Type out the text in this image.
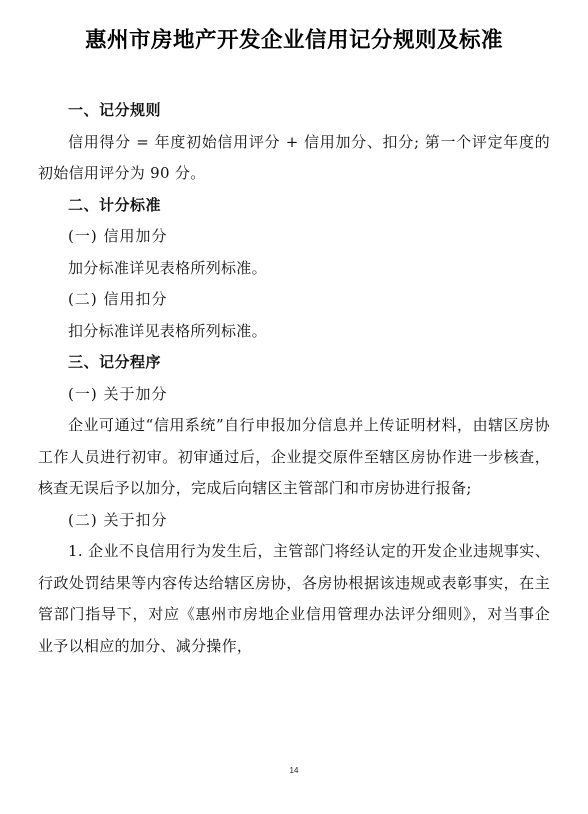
惠州市房地产开发企业信用记分规则及标准

一、记分规则

信用得分 = 年度初始信用评分 + 信用加分、扣分; 第一个评定年度的初始信用评分为 90 分。

二、计分标准

(一) 信用加分

加分标准详见表格所列标准。

(二) 信用扣分

扣分标准详见表格所列标准。

三、记分程序

(一) 关于加分

企业可通过“信用系统”自行申报加分信息并上传证明材料，由辖区房协工作人员进行初审。初审通过后，企业提交原件至辖区房协作进一步核查，核查无误后予以加分，完成后向辖区主管部门和市房协进行报备;

(二) 关于扣分

1. 企业不良信用行为发生后，主管部门将经认定的开发企业违规事实、行政处罚结果等内容传达给辖区房协，各房协根据该违规或表彰事实，在主管部门指导下，对应《惠州市房地企业信用管理办法评分细则》，对当事企业予以相应的加分、减分操作，

14
